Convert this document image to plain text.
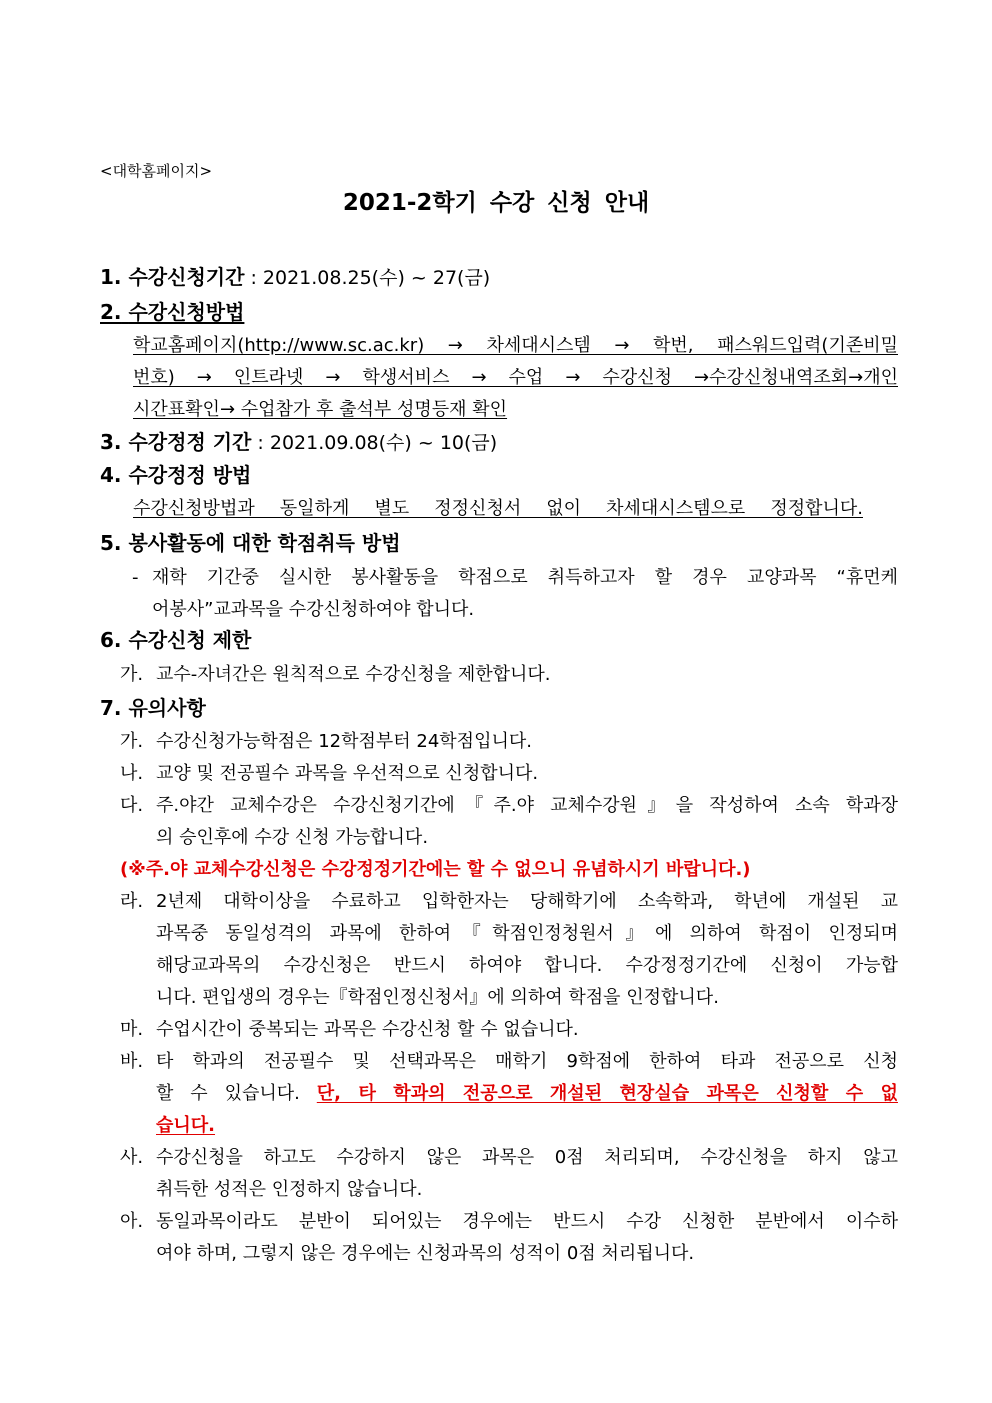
<대학홈페이지>
2021-2학기 수강 신청 안내
1. 수강신청기간 : 2021.08.25(수) ~ 27(금)
2. 수강신청방법
학교홈페이지(http://www.sc.ac.kr) → 차세대시스템 → 학번, 패스워드입력(기존비밀
번호) → 인트라넷 → 학생서비스 → 수업 → 수강신청 →수강신청내역조회→개인
시간표확인→ 수업참가 후 출석부 성명등재 확인
3. 수강정정 기간 : 2021.09.08(수) ~ 10(금)
4. 수강정정 방법
수강신청방법과 동일하게 별도 정정신청서 없이 차세대시스템으로 정정합니다.
5. 봉사활동에 대한 학점취득 방법
- 재학 기간중 실시한 봉사활동을 학점으로 취득하고자 할 경우 교양과목 “휴먼케
어봉사”교과목을 수강신청하여야 합니다.
6. 수강신청 제한
가. 교수-자녀간은 원칙적으로 수강신청을 제한합니다.
7. 유의사항
가. 수강신청가능학점은 12학점부터 24학점입니다.
나. 교양 및 전공필수 과목을 우선적으로 신청합니다.
다. 주.야간 교체수강은 수강신청기간에『주.야 교체수강원』을 작성하여 소속 학과장
의 승인후에 수강 신청 가능합니다.
(※주.야 교체수강신청은 수강정정기간에는 할 수 없으니 유념하시기 바랍니다.)
라. 2년제 대학이상을 수료하고 입학한자는 당해학기에 소속학과, 학년에 개설된 교
과목중 동일성격의 과목에 한하여『학점인정청원서』에 의하여 학점이 인정되며
해당교과목의 수강신청은 반드시 하여야 합니다. 수강정정기간에 신청이 가능합
니다. 편입생의 경우는『학점인정신청서』에 의하여 학점을 인정합니다.
마. 수업시간이 중복되는 과목은 수강신청 할 수 없습니다.
바. 타 학과의 전공필수 및 선택과목은 매학기 9학점에 한하여 타과 전공으로 신청
할 수 있습니다. 단, 타 학과의 전공으로 개설된 현장실습 과목은 신청할 수 없
습니다.
사. 수강신청을 하고도 수강하지 않은 과목은 0점 처리되며, 수강신청을 하지 않고
취득한 성적은 인정하지 않습니다.
아. 동일과목이라도 분반이 되어있는 경우에는 반드시 수강 신청한 분반에서 이수하
여야 하며, 그렇지 않은 경우에는 신청과목의 성적이 0점 처리됩니다.
